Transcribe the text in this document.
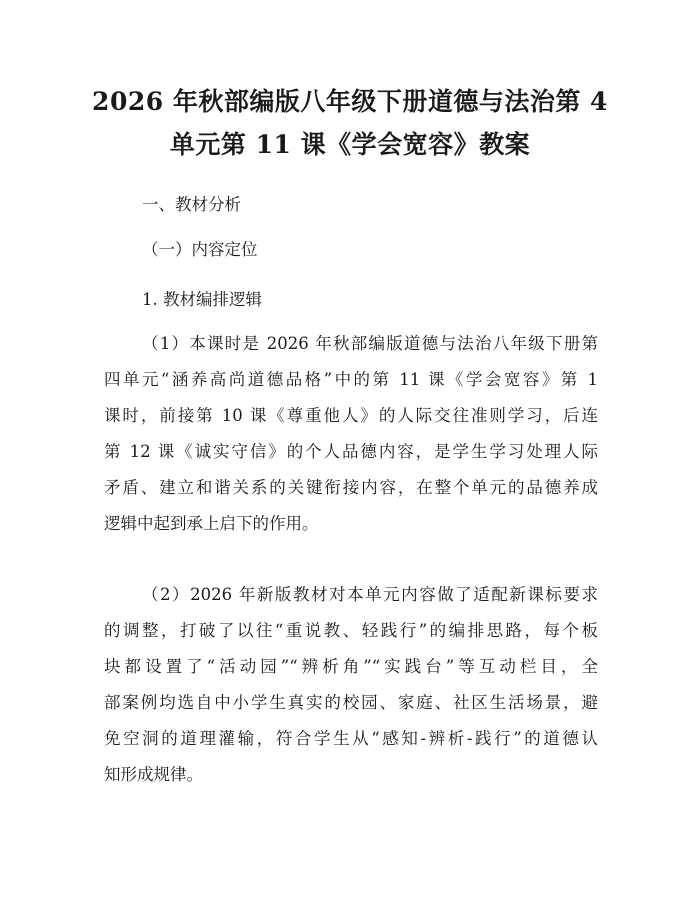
2026 年秋部编版八年级下册道德与法治第 4
单元第 11 课《学会宽容》教案
一、教材分析
（一）内容定位
1. 教材编排逻辑
（1）本课时是 2026 年秋部编版道德与法治八年级下册第
四单元“涵养高尚道德品格”中的第 11 课《学会宽容》第 1
课时，前接第 10 课《尊重他人》的人际交往准则学习，后连
第 12 课《诚实守信》的个人品德内容，是学生学习处理人际
矛盾、建立和谐关系的关键衔接内容，在整个单元的品德养成
逻辑中起到承上启下的作用。
（2）2026 年新版教材对本单元内容做了适配新课标要求
的调整，打破了以往“重说教、轻践行”的编排思路，每个板
块都设置了“活动园”“辨析角”“实践台”等互动栏目，全
部案例均选自中小学生真实的校园、家庭、社区生活场景，避
免空洞的道理灌输，符合学生从“感知-辨析-践行”的道德认
知形成规律。
